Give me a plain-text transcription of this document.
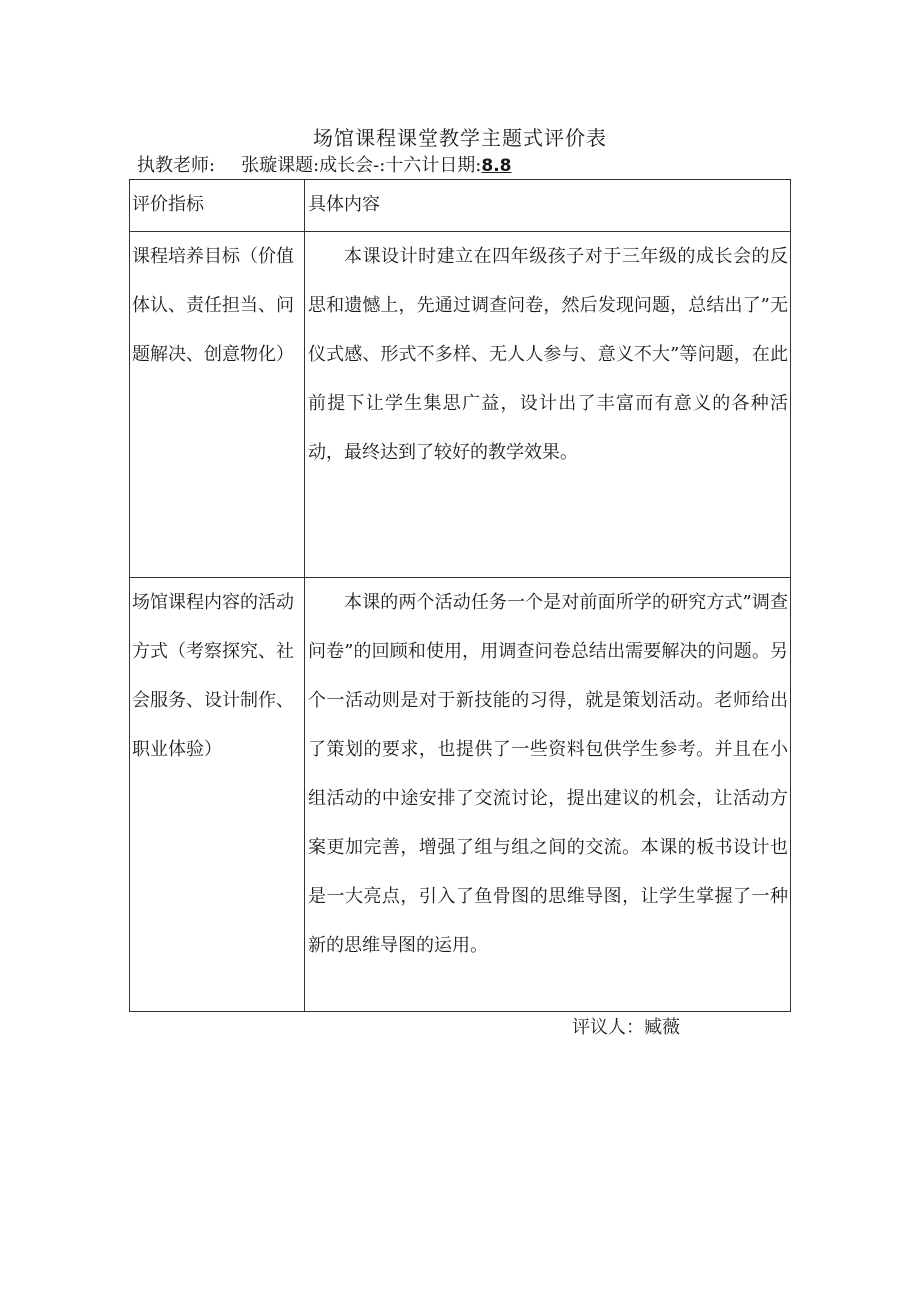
场馆课程课堂教学主题式评价表
执教老师: 张璇课题:成长会-:十六计日期:8.8
评价指标	具体内容

课程培养目标（价值体认、责任担当、问题解决、创意物化）	本课设计时建立在四年级孩子对于三年级的成长会的反思和遗憾上，先通过调查问卷，然后发现问题，总结出了”无仪式感、形式不多样、无人人参与、意义不大”等问题，在此前提下让学生集思广益，设计出了丰富而有意义的各种活动，最终达到了较好的教学效果。

场馆课程内容的活动方式（考察探究、社会服务、设计制作、职业体验）	本课的两个活动任务一个是对前面所学的研究方式”调查问卷”的回顾和使用，用调查问卷总结出需要解决的问题。另个一活动则是对于新技能的习得，就是策划活动。老师给出了策划的要求，也提供了一些资料包供学生参考。并且在小组活动的中途安排了交流讨论，提出建议的机会，让活动方案更加完善，增强了组与组之间的交流。本课的板书设计也是一大亮点，引入了鱼骨图的思维导图，让学生掌握了一种新的思维导图的运用。
评议人：臧薇
